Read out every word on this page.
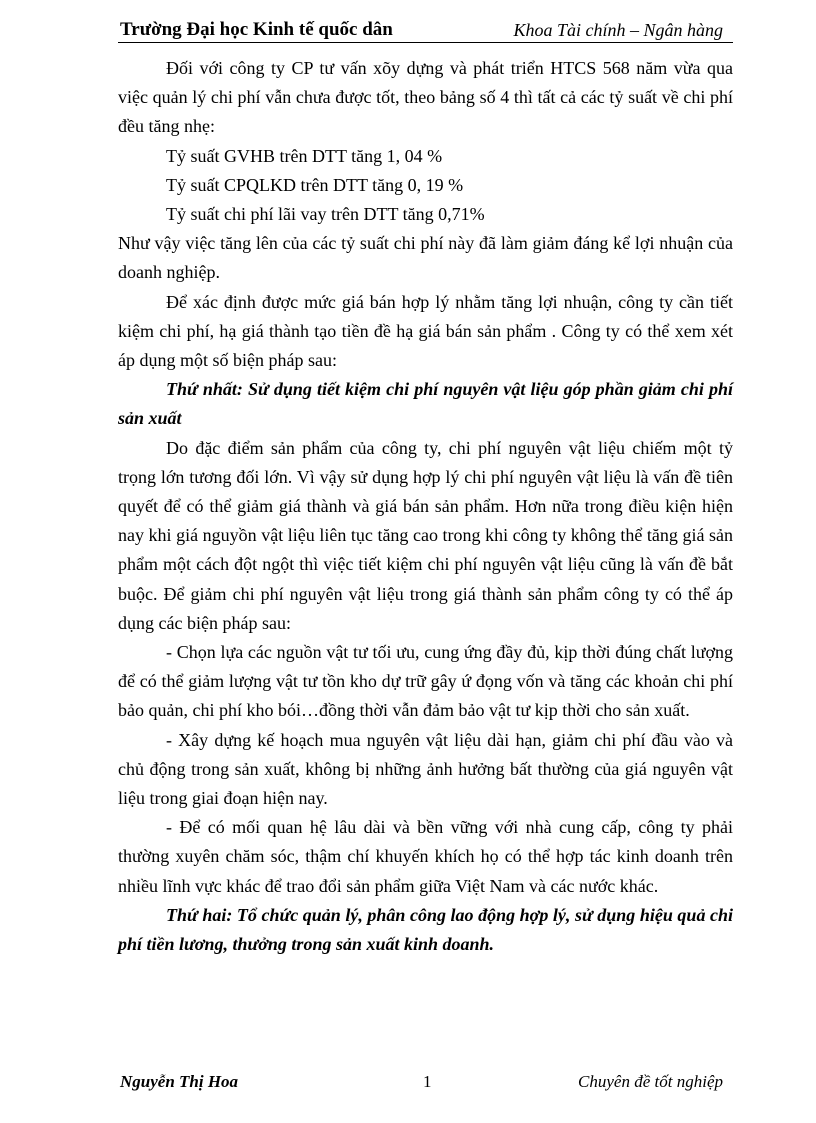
Trường Đại học Kinh tế quốc dân	Khoa Tài chính – Ngân hàng

Đối với công ty CP tư vấn xõy dựng và phát triển HTCS 568 năm vừa qua việc quản lý chi phí vẫn chưa được tốt, theo bảng số 4 thì tất cả các tỷ suất về chi phí đều tăng nhẹ:

Tỷ suất GVHB trên DTT tăng 1, 04 %

Tỷ suất CPQLKD trên DTT tăng 0, 19 %

Tỷ suất chi phí lãi vay trên DTT tăng 0,71%

Như vậy việc tăng lên của các tỷ suất chi phí này đã làm giảm đáng kể lợi nhuận của doanh nghiệp.

Để xác định được mức giá bán hợp lý nhằm tăng lợi nhuận, công ty cần tiết kiệm chi phí, hạ giá thành tạo tiền đề hạ giá bán sản phẩm . Công ty có thể xem xét áp dụng một số biện pháp sau:

Thứ nhất: Sử dụng tiết kiệm chi phí nguyên vật liệu góp phần giảm chi phí sản xuất

Do đặc điểm sản phẩm của công ty, chi phí nguyên vật liệu chiếm một tỷ trọng lớn tương đối lớn. Vì vậy sử dụng hợp lý chi phí nguyên vật liệu là vấn đề tiên quyết để có thể giảm giá thành và giá bán sản phẩm. Hơn nữa trong điều kiện hiện nay khi giá nguyồn vật liệu liên tục tăng cao trong khi công ty không thể tăng giá sản phẩm một cách đột ngột thì việc tiết kiệm chi phí nguyên vật liệu cũng là vấn đề bắt buộc. Để giảm chi phí nguyên vật liệu trong giá thành sản phẩm công ty có thể áp dụng các biện pháp sau:

- Chọn lựa các nguồn vật tư tối ưu, cung ứng đầy đủ, kịp thời đúng chất lượng để có thể giảm lượng vật tư tồn kho dự trữ gây ứ đọng vốn và tăng các khoản chi phí bảo quản, chi phí kho bói…đồng thời vẫn đảm bảo vật tư kịp thời cho sản xuất.

- Xây dựng kế hoạch mua nguyên vật liệu dài hạn, giảm chi phí đầu vào và chủ động trong sản xuất, không bị những ảnh hưởng bất thường của giá nguyên vật liệu trong giai đoạn hiện nay.

- Để có mối quan hệ lâu dài và bền vững với nhà cung cấp, công ty phải thường xuyên chăm sóc, thậm chí khuyến khích họ có thể hợp tác kinh doanh trên nhiều lĩnh vực khác để trao đổi sản phẩm giữa Việt Nam và các nước khác.

Thứ hai: Tổ chức quản lý, phân công lao động hợp lý, sử dụng hiệu quả chi phí tiền lương, thưởng trong sản xuất kinh doanh.

Nguyễn Thị Hoa	1	Chuyên đề tốt nghiệp
